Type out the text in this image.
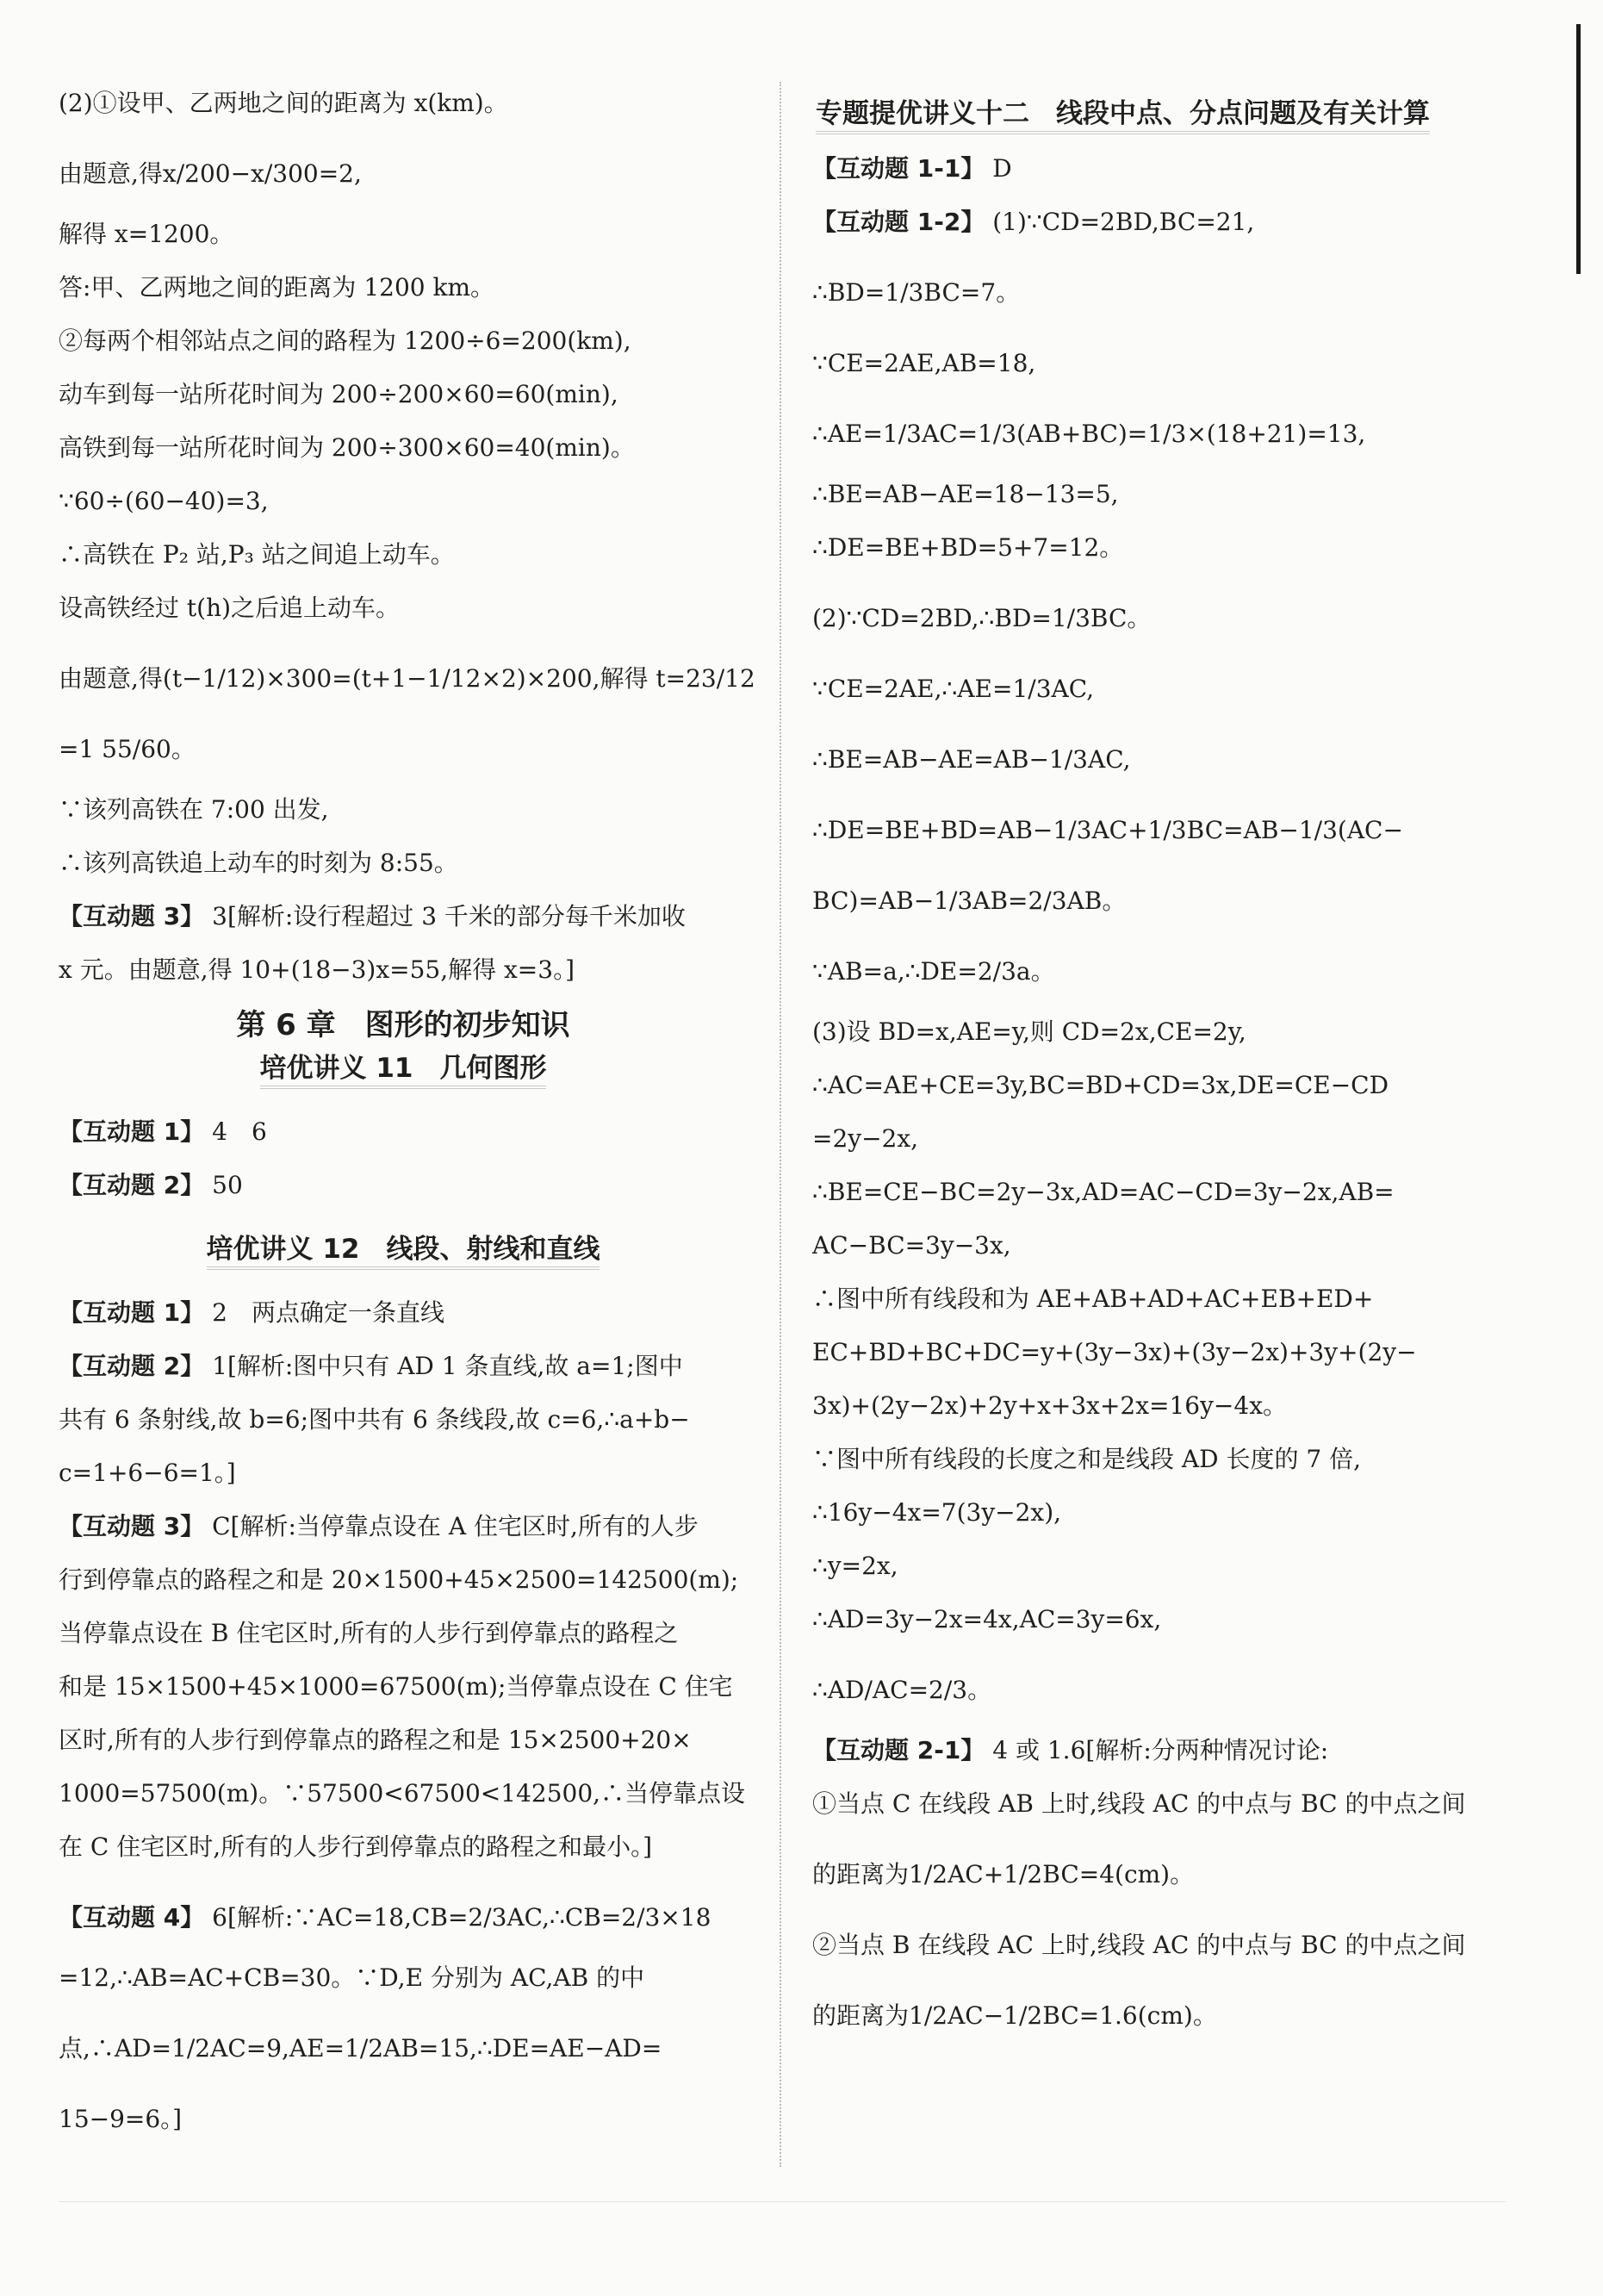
(2)①设甲、乙两地之间的距离为 x(km)。

由题意,得x/200−x/300=2,

解得 x=1200。

答:甲、乙两地之间的距离为 1200 km。

②每两个相邻站点之间的路程为 1200÷6=200(km),

动车到每一站所花时间为 200÷200×60=60(min),

高铁到每一站所花时间为 200÷300×60=40(min)。

∵60÷(60−40)=3,

∴高铁在 P₂ 站,P₃ 站之间追上动车。

设高铁经过 t(h)之后追上动车。

由题意,得(t−1/12)×300=(t+1−1/12×2)×200,解得 t=23/12

=1 55/60。

∵该列高铁在 7:00 出发,

∴该列高铁追上动车的时刻为 8:55。

【互动题 3】 3[解析:设行程超过 3 千米的部分每千米加收

x 元。由题意,得 10+(18−3)x=55,解得 x=3。]

第 6 章　图形的初步知识
培优讲义 11　几何图形

【互动题 1】 4　6

【互动题 2】 50

培优讲义 12　线段、射线和直线

【互动题 1】 2　两点确定一条直线

【互动题 2】 1[解析:图中只有 AD 1 条直线,故 a=1;图中

共有 6 条射线,故 b=6;图中共有 6 条线段,故 c=6,∴a+b−

c=1+6−6=1。]

【互动题 3】 C[解析:当停靠点设在 A 住宅区时,所有的人步

行到停靠点的路程之和是 20×1500+45×2500=142500(m);

当停靠点设在 B 住宅区时,所有的人步行到停靠点的路程之

和是 15×1500+45×1000=67500(m);当停靠点设在 C 住宅

区时,所有的人步行到停靠点的路程之和是 15×2500+20×

1000=57500(m)。∵57500<67500<142500,∴当停靠点设

在 C 住宅区时,所有的人步行到停靠点的路程之和最小。]

【互动题 4】 6[解析:∵AC=18,CB=2/3AC,∴CB=2/3×18

=12,∴AB=AC+CB=30。∵D,E 分别为 AC,AB 的中

点,∴AD=1/2AC=9,AE=1/2AB=15,∴DE=AE−AD=

15−9=6。]

专题提优讲义十二　线段中点、分点问题及有关计算

【互动题 1-1】 D

【互动题 1-2】 (1)∵CD=2BD,BC=21,

∴BD=1/3BC=7。

∵CE=2AE,AB=18,

∴AE=1/3AC=1/3(AB+BC)=1/3×(18+21)=13,

∴BE=AB−AE=18−13=5,

∴DE=BE+BD=5+7=12。

(2)∵CD=2BD,∴BD=1/3BC。

∵CE=2AE,∴AE=1/3AC,

∴BE=AB−AE=AB−1/3AC,

∴DE=BE+BD=AB−1/3AC+1/3BC=AB−1/3(AC−

BC)=AB−1/3AB=2/3AB。

∵AB=a,∴DE=2/3a。

(3)设 BD=x,AE=y,则 CD=2x,CE=2y,

∴AC=AE+CE=3y,BC=BD+CD=3x,DE=CE−CD

=2y−2x,

∴BE=CE−BC=2y−3x,AD=AC−CD=3y−2x,AB=

AC−BC=3y−3x,

∴图中所有线段和为 AE+AB+AD+AC+EB+ED+

EC+BD+BC+DC=y+(3y−3x)+(3y−2x)+3y+(2y−

3x)+(2y−2x)+2y+x+3x+2x=16y−4x。

∵图中所有线段的长度之和是线段 AD 长度的 7 倍,

∴16y−4x=7(3y−2x),

∴y=2x,

∴AD=3y−2x=4x,AC=3y=6x,

∴AD/AC=2/3。

【互动题 2-1】 4 或 1.6[解析:分两种情况讨论:

①当点 C 在线段 AB 上时,线段 AC 的中点与 BC 的中点之间

的距离为1/2AC+1/2BC=4(cm)。

②当点 B 在线段 AC 上时,线段 AC 的中点与 BC 的中点之间

的距离为1/2AC−1/2BC=1.6(cm)。
